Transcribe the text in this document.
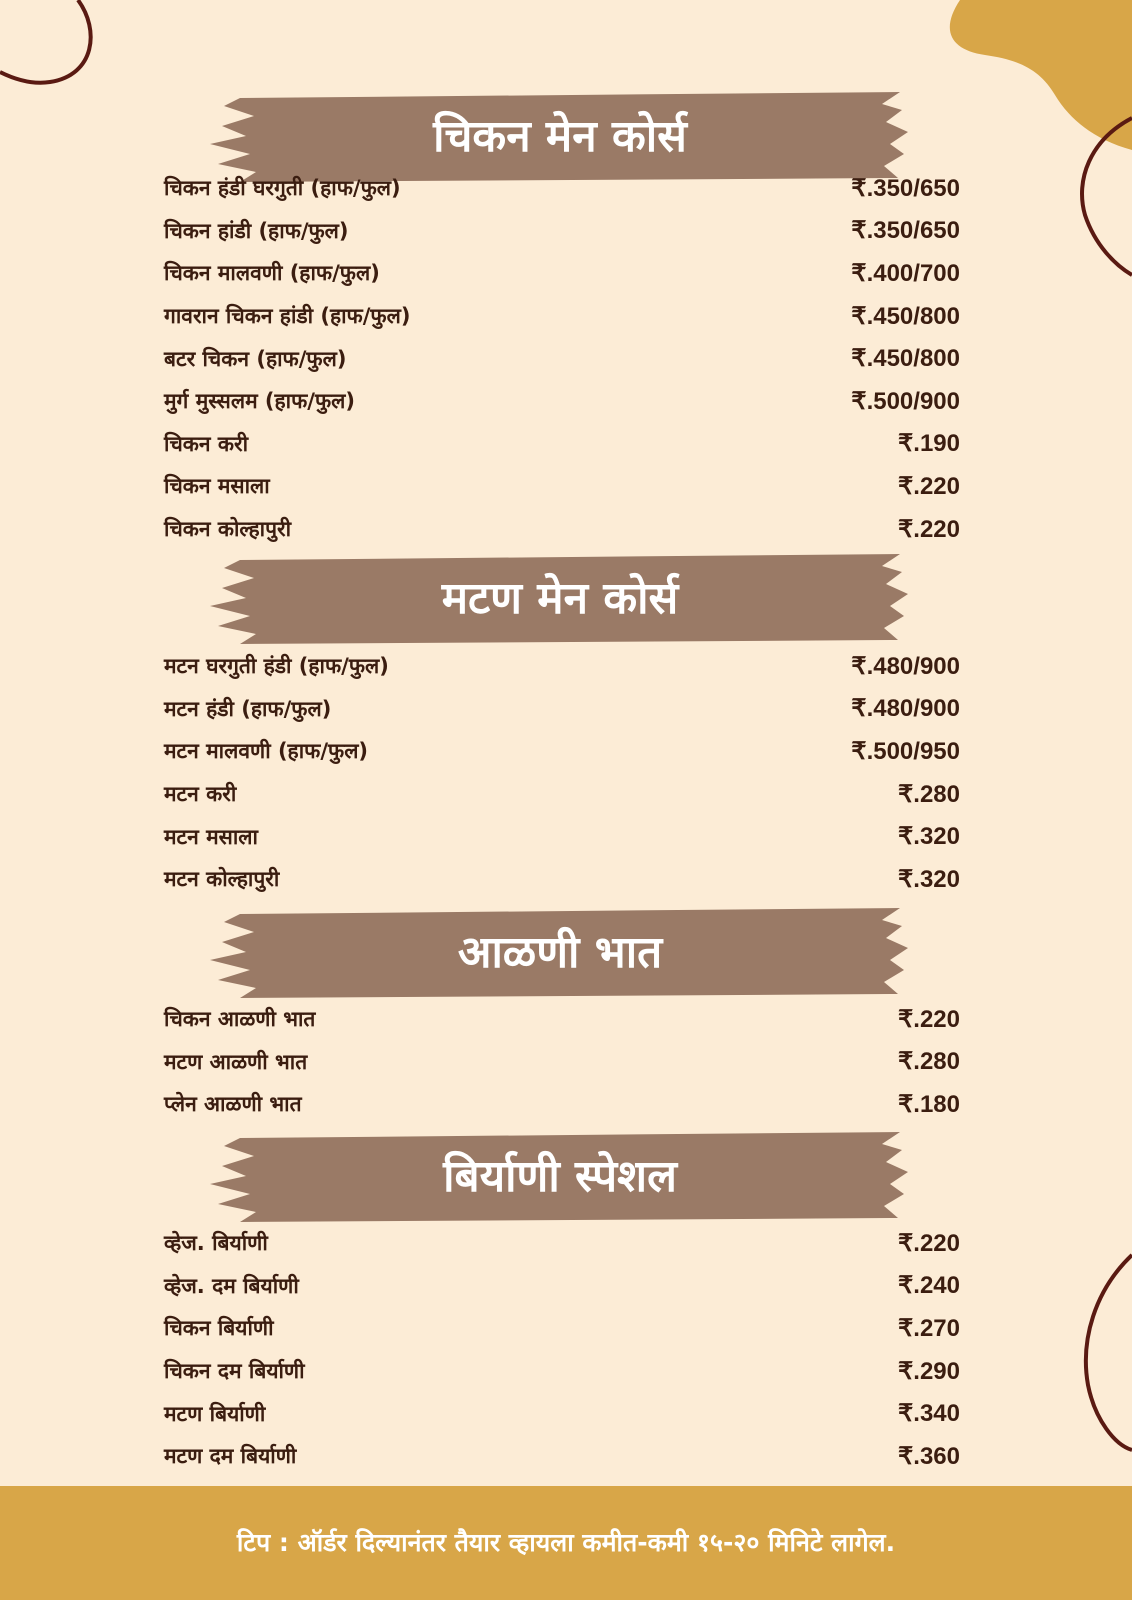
चिकन मेन कोर्स
चिकन हंडी घरगुती (हाफ/फुल)	₹.350/650
चिकन हांडी (हाफ/फुल)	₹.350/650
चिकन मालवणी (हाफ/फुल)	₹.400/700
गावरान चिकन हांडी (हाफ/फुल)	₹.450/800
बटर चिकन (हाफ/फुल)	₹.450/800
मुर्ग मुस्सलम (हाफ/फुल)	₹.500/900
चिकन करी	₹.190
चिकन मसाला	₹.220
चिकन कोल्हापुरी	₹.220
मटण मेन कोर्स
मटन घरगुती हंडी (हाफ/फुल)	₹.480/900
मटन हंडी (हाफ/फुल)	₹.480/900
मटन मालवणी (हाफ/फुल)	₹.500/950
मटन करी	₹.280
मटन मसाला	₹.320
मटन कोल्हापुरी	₹.320
आळणी भात
चिकन आळणी भात	₹.220
मटण आळणी भात	₹.280
प्लेन आळणी भात	₹.180
बिर्याणी स्पेशल
व्हेज. बिर्याणी	₹.220
व्हेज. दम बिर्याणी	₹.240
चिकन बिर्याणी	₹.270
चिकन दम बिर्याणी	₹.290
मटण बिर्याणी	₹.340
मटण दम बिर्याणी	₹.360
टिप : ऑर्डर दिल्यानंतर तैयार व्हायला कमीत-कमी १५-२० मिनिटे लागेल.
